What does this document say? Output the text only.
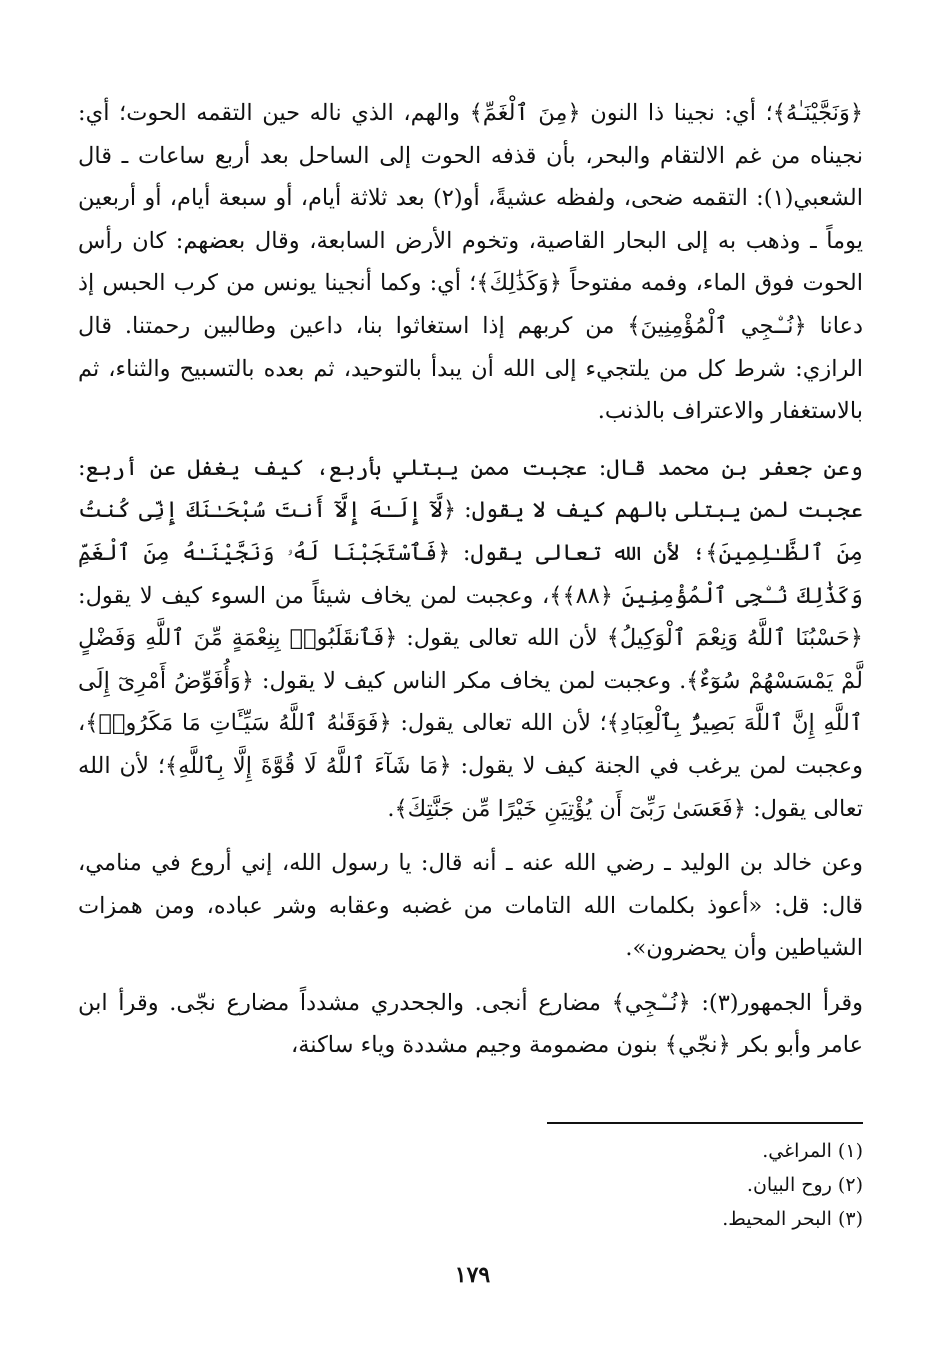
﴿وَنَجَّيْنَـٰهُ﴾؛ أي: نجينا ذا النون ﴿مِنَ ٱلْغَمِّ﴾ والهم، الذي ناله حين التقمه الحوت؛ أي: نجيناه من غم الالتقام والبحر، بأن قذفه الحوت إلى الساحل بعد أربع ساعات ـ قال الشعبي(١): التقمه ضحى، ولفظه عشيةً، أو(٢) بعد ثلاثة أيام، أو سبعة أيام، أو أربعين يوماً ـ وذهب به إلى البحار القاصية، وتخوم الأرض السابعة، وقال بعضهم: كان رأس الحوت فوق الماء، وفمه مفتوحاً ﴿وَكَذَٰلِكَ﴾؛ أي: وكما أنجينا يونس من كرب الحبس إذ دعانا ﴿نُـۨجِي ٱلْمُؤْمِنِينَ﴾ من كربهم إذا استغاثوا بنا، داعين وطالبين رحمتنا. قال الرازي: شرط كل من يلتجيء إلى الله أن يبدأ بالتوحيد، ثم بعده بالتسبيح والثناء، ثم بالاستغفار والاعتراف بالذنب.

وعن جعفر بن محمد قال: عجبت ممن يبتلي بأربع، كيف يغفل عن أربع: عجبت لمن يبتلى بالهم كيف لا يقول: ﴿لَّآ إِلَـٰهَ إِلَّآ أَنتَ سُبْحَـٰنَكَ إِنِّى كُنتُ مِنَ ٱلظَّـٰلِمِينَ﴾؛ لأن الله تعالى يقول: ﴿فَٱسْتَجَبْنَا لَهُۥ وَنَجَّيْنَـٰهُ مِنَ ٱلْغَمِّ وَكَذَٰلِكَ نُـۨجِى ٱلْمُؤْمِنِينَ ﴿٨٨﴾﴾، وعجبت لمن يخاف شيئاً من السوء كيف لا يقول: ﴿حَسْبُنَا ٱللَّهُ وَنِعْمَ ٱلْوَكِيلُ﴾ لأن الله تعالى يقول: ﴿فَٱنقَلَبُوا۟ بِنِعْمَةٍ مِّنَ ٱللَّهِ وَفَضْلٍ لَّمْ يَمْسَسْهُمْ سُوٓءٌ﴾. وعجبت لمن يخاف مكر الناس كيف لا يقول: ﴿وَأُفَوِّضُ أَمْرِىٓ إِلَى ٱللَّهِ إِنَّ ٱللَّهَ بَصِيرٌۢ بِٱلْعِبَادِ﴾؛ لأن الله تعالى يقول: ﴿فَوَقَىٰهُ ٱللَّهُ سَيِّـَٔاتِ مَا مَكَرُوا۟﴾، وعجبت لمن يرغب في الجنة كيف لا يقول: ﴿مَا شَآءَ ٱللَّهُ لَا قُوَّةَ إِلَّا بِٱللَّهِ﴾؛ لأن الله تعالى يقول: ﴿فَعَسَىٰ رَبِّىٓ أَن يُؤْتِيَنِ خَيْرًا مِّن جَنَّتِكَ﴾.

وعن خالد بن الوليد ـ رضي الله عنه ـ أنه قال: يا رسول الله، إني أروع في منامي، قال: قل: «أعوذ بكلمات الله التامات من غضبه وعقابه وشر عباده، ومن همزات الشياطين وأن يحضرون».

وقرأ الجمهور(٣): ﴿نُـۨجِي﴾ مضارع أنجى. والجحدري مشدداً مضارع نجّى. وقرأ ابن عامر وأبو بكر ﴿نجّي﴾ بنون مضمومة وجيم مشددة وياء ساكنة،

(١) المراغي.
(٢) روح البيان.
(٣) البحر المحيط.
١٧٩
